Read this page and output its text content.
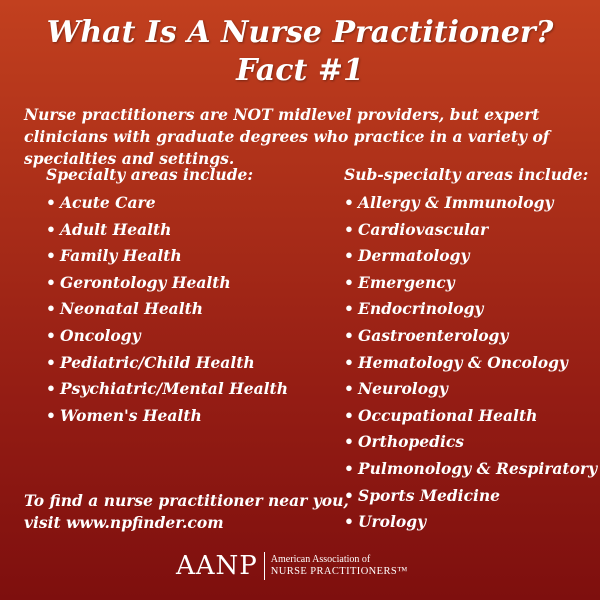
What Is A Nurse Practitioner?
Fact #1
Nurse practitioners are NOT midlevel providers, but expert clinicians with graduate degrees who practice in a variety of specialties and settings.
Specialty areas include:
• Acute Care
• Adult Health
• Family Health
• Gerontology Health
• Neonatal Health
• Oncology
• Pediatric/Child Health
• Psychiatric/Mental Health
• Women's Health
Sub-specialty areas include:
• Allergy & Immunology
• Cardiovascular
• Dermatology
• Emergency
• Endocrinology
• Gastroenterology
• Hematology & Oncology
• Neurology
• Occupational Health
• Orthopedics
• Pulmonology & Respiratory
• Sports Medicine
• Urology
To find a nurse practitioner near you,
visit www.npfinder.com
AANP American Association of
NURSE PRACTITIONERS™
